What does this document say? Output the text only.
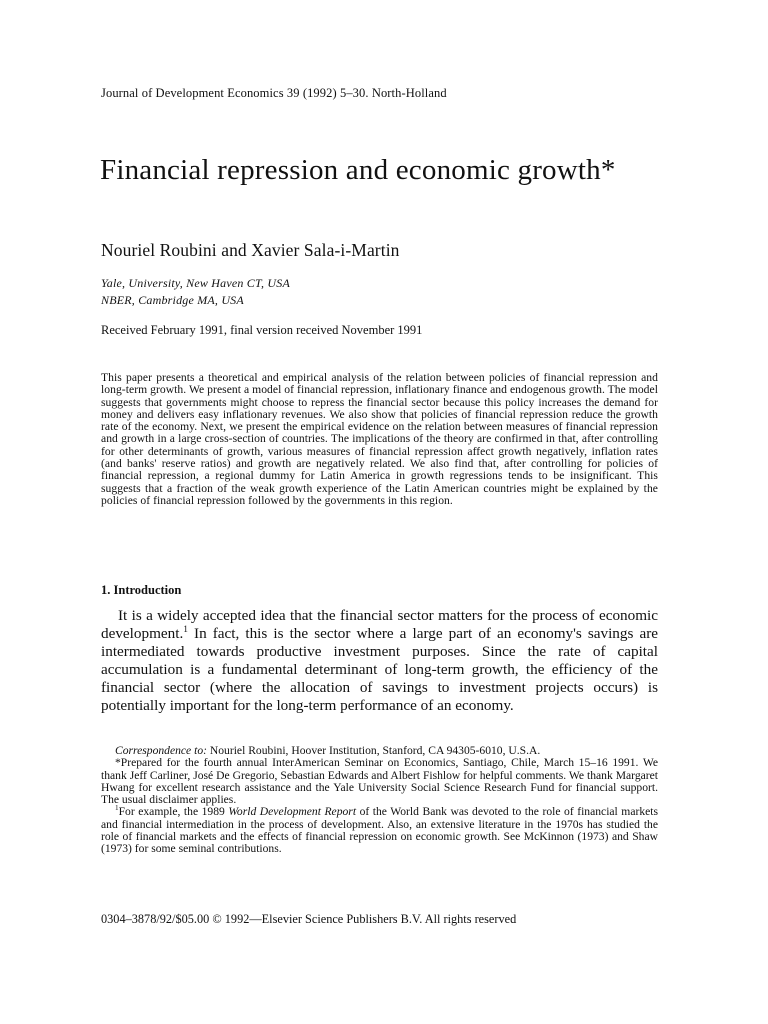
Journal of Development Economics 39 (1992) 5–30. North-Holland
Financial repression and economic growth*
Nouriel Roubini and Xavier Sala-i-Martin
Yale, University, New Haven CT, USA
NBER, Cambridge MA, USA
Received February 1991, final version received November 1991
This paper presents a theoretical and empirical analysis of the relation between policies of financial repression and long-term growth. We present a model of financial repression, inflationary finance and endogenous growth. The model suggests that governments might choose to repress the financial sector because this policy increases the demand for money and delivers easy inflationary revenues. We also show that policies of financial repression reduce the growth rate of the economy. Next, we present the empirical evidence on the relation between measures of financial repression and growth in a large cross-section of countries. The implications of the theory are confirmed in that, after controlling for other determinants of growth, various measures of financial repression affect growth negatively, inflation rates (and banks' reserve ratios) and growth are negatively related. We also find that, after controlling for policies of financial repression, a regional dummy for Latin America in growth regressions tends to be insignificant. This suggests that a fraction of the weak growth experience of the Latin American countries might be explained by the policies of financial repression followed by the governments in this region.
1. Introduction
It is a widely accepted idea that the financial sector matters for the process of economic development.$^1$ In fact, this is the sector where a large part of an economy's savings are intermediated towards productive investment purposes. Since the rate of capital accumulation is a fundamental determinant of long-term growth, the efficiency of the financial sector (where the allocation of savings to investment projects occurs) is potentially important for the long-term performance of an economy.

Correspondence to: Nouriel Roubini, Hoover Institution, Stanford, CA 94305-6010, U.S.A.

*Prepared for the fourth annual InterAmerican Seminar on Economics, Santiago, Chile, March 15–16 1991. We thank Jeff Carliner, José De Gregorio, Sebastian Edwards and Albert Fishlow for helpful comments. We thank Margaret Hwang for excellent research assistance and the Yale University Social Science Research Fund for financial support. The usual disclaimer applies.

$^1$For example, the 1989 World Development Report of the World Bank was devoted to the role of financial markets and financial intermediation in the process of development. Also, an extensive literature in the 1970s has studied the role of financial markets and the effects of financial repression on economic growth. See McKinnon (1973) and Shaw (1973) for some seminal contributions.

0304–3878/92/$05.00 © 1992—Elsevier Science Publishers B.V. All rights reserved
